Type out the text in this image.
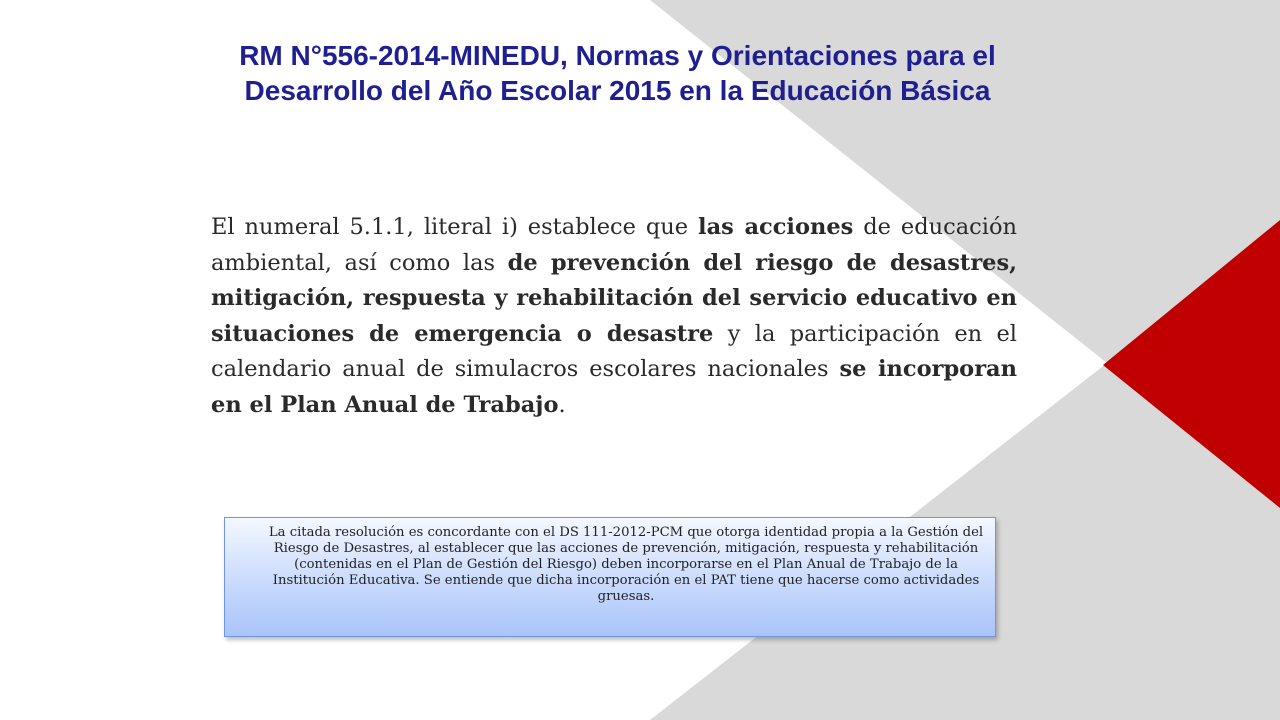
RM N°556-2014-MINEDU, Normas y Orientaciones para el Desarrollo del Año Escolar 2015 en la Educación Básica

El numeral 5.1.1, literal i) establece que las acciones de educación ambiental, así como las de prevención del riesgo de desastres, mitigación, respuesta y rehabilitación del servicio educativo en situaciones de emergencia o desastre y la participación en el calendario anual de simulacros escolares nacionales se incorporan en el Plan Anual de Trabajo.

La citada resolución es concordante con el DS 111-2012-PCM que otorga identidad propia a la Gestión del Riesgo de Desastres, al establecer que las acciones de prevención, mitigación, respuesta y rehabilitación (contenidas en el Plan de Gestión del Riesgo) deben incorporarse en el Plan Anual de Trabajo de la Institución Educativa. Se entiende que dicha incorporación en el PAT tiene que hacerse como actividades gruesas.
